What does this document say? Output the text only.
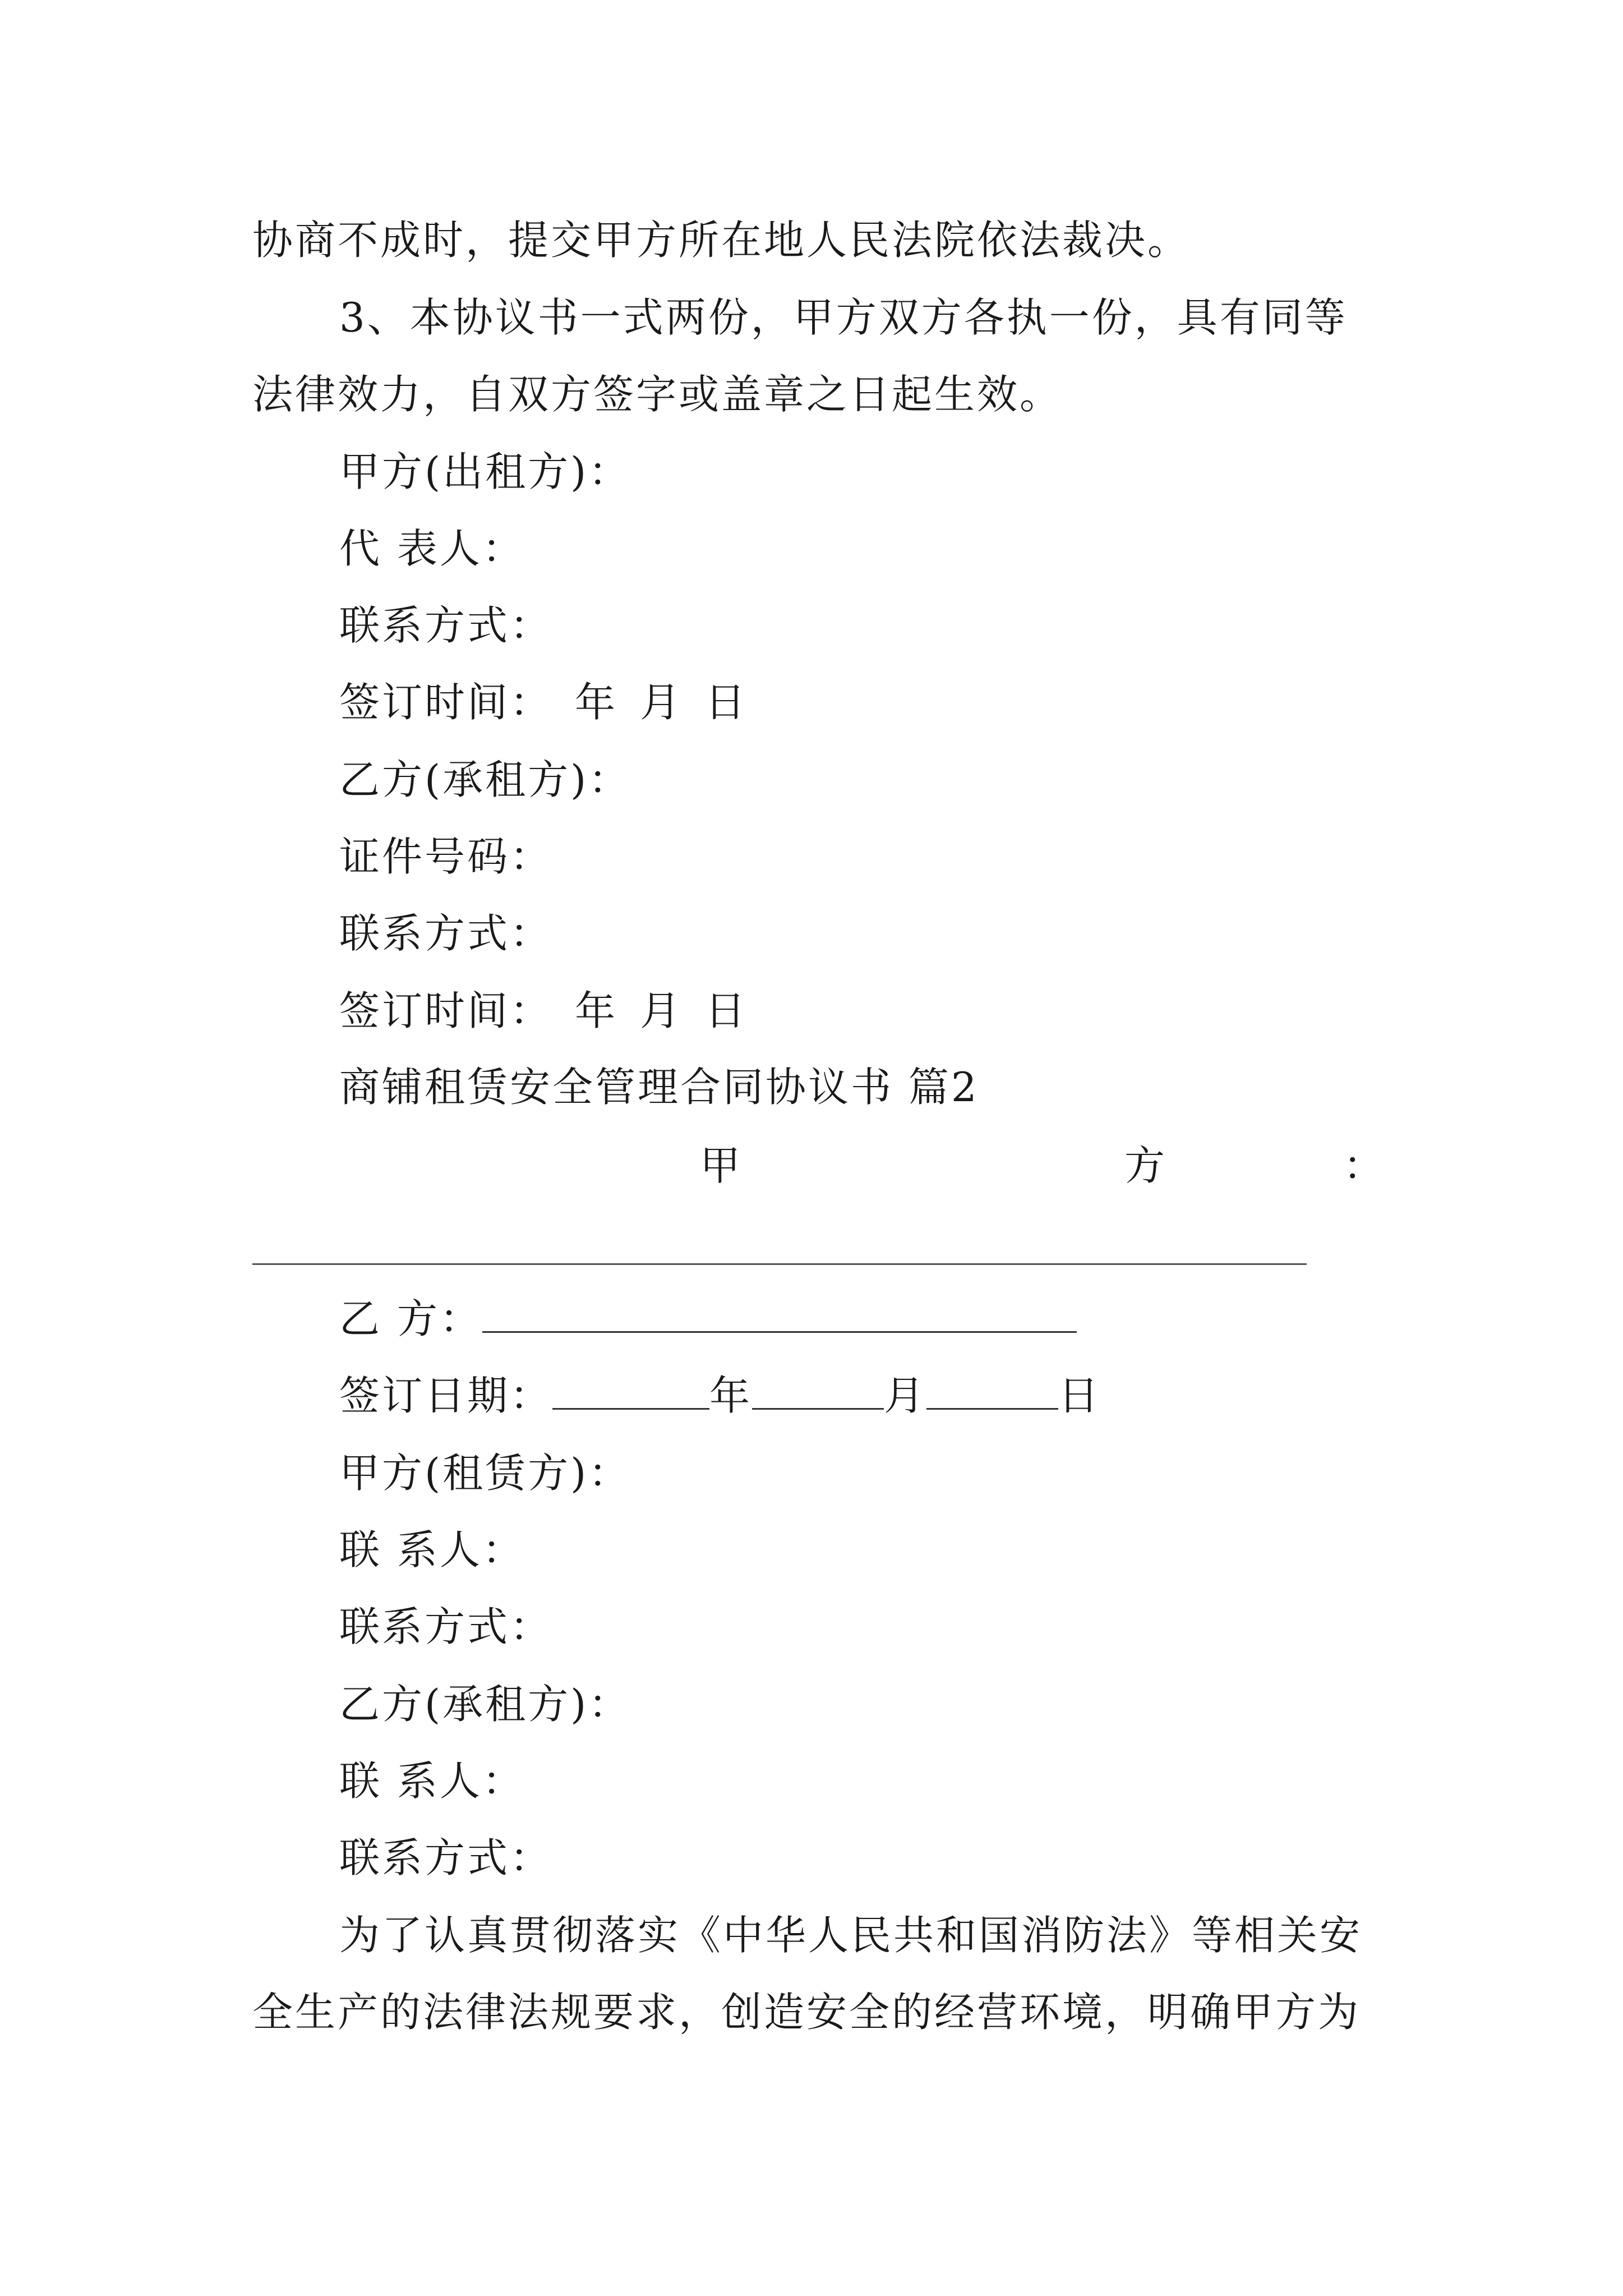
协商不成时，提交甲方所在地人民法院依法裁决。
3、本协议书一式两份，甲方双方各执一份，具有同等
法律效力，自双方签字或盖章之日起生效。
甲方(出租方)：
代 表人：
联系方式：
签订时间： 年 月 日
乙方(承租方)：
证件号码：
联系方式：
签订时间： 年 月 日
商铺租赁安全管理合同协议书 篇2
甲	方	：
乙 方：
签订日期：	年	月	日
甲方(租赁方)：
联 系人：
联系方式：
乙方(承租方)：
联 系人：
联系方式：
为了认真贯彻落实《中华人民共和国消防法》等相关安
全生产的法律法规要求，创造安全的经营环境，明确甲方为
